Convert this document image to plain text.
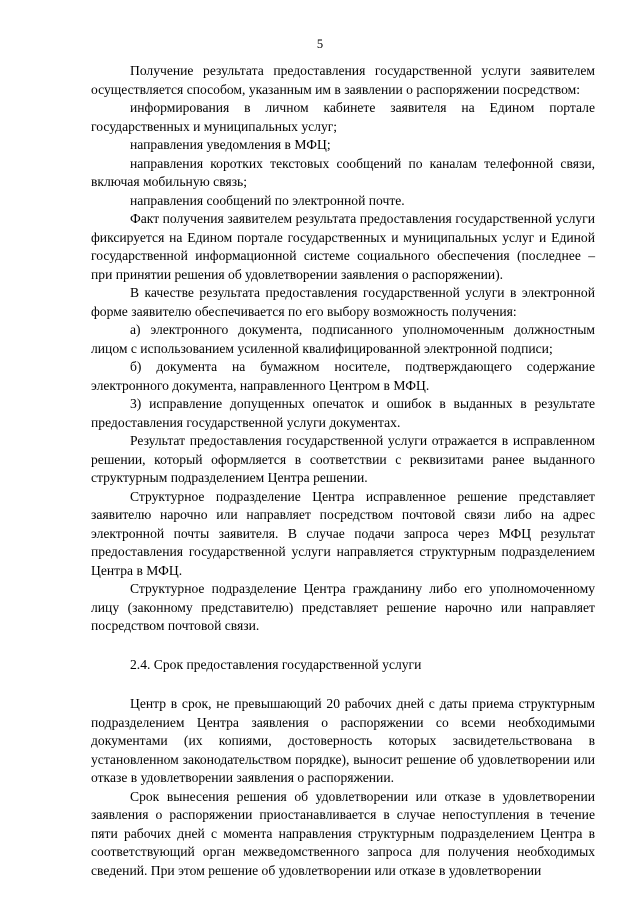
5

Получение результата предоставления государственной услуги заявителем осуществляется способом, указанным им в заявлении о распоряжении посредством:

информирования в личном кабинете заявителя на Едином портале государственных и муниципальных услуг;

направления уведомления в МФЦ;

направления коротких текстовых сообщений по каналам телефонной связи, включая мобильную связь;

направления сообщений по электронной почте.

Факт получения заявителем результата предоставления государственной услуги фиксируется на Едином портале государственных и муниципальных услуг и Единой государственной информационной системе социального обеспечения (последнее – при принятии решения об удовлетворении заявления о распоряжении).

В качестве результата предоставления государственной услуги в электронной форме заявителю обеспечивается по его выбору возможность получения:

а) электронного документа, подписанного уполномоченным должностным лицом с использованием усиленной квалифицированной электронной подписи;

б) документа на бумажном носителе, подтверждающего содержание электронного документа, направленного Центром в МФЦ.

3) исправление допущенных опечаток и ошибок в выданных в результате предоставления государственной услуги документах.

Результат предоставления государственной услуги отражается в исправленном решении, который оформляется в соответствии с реквизитами ранее выданного структурным подразделением Центра решении.

Структурное подразделение Центра исправленное решение представляет заявителю нарочно или направляет посредством почтовой связи либо на адрес электронной почты заявителя. В случае подачи запроса через МФЦ результат предоставления государственной услуги направляется структурным подразделением Центра в МФЦ.

Структурное подразделение Центра гражданину либо его уполномоченному лицу (законному представителю) представляет решение нарочно или направляет посредством почтовой связи.

2.4. Срок предоставления государственной услуги

Центр в срок, не превышающий 20 рабочих дней с даты приема структурным подразделением Центра заявления о распоряжении со всеми необходимыми документами (их копиями, достоверность которых засвидетельствована в установленном законодательством порядке), выносит решение об удовлетворении или отказе в удовлетворении заявления о распоряжении.

Срок вынесения решения об удовлетворении или отказе в удовлетворении заявления о распоряжении приостанавливается в случае непоступления в течение пяти рабочих дней с момента направления структурным подразделением Центра в соответствующий орган межведомственного запроса для получения необходимых сведений. При этом решение об удовлетворении или отказе в удовлетворении
